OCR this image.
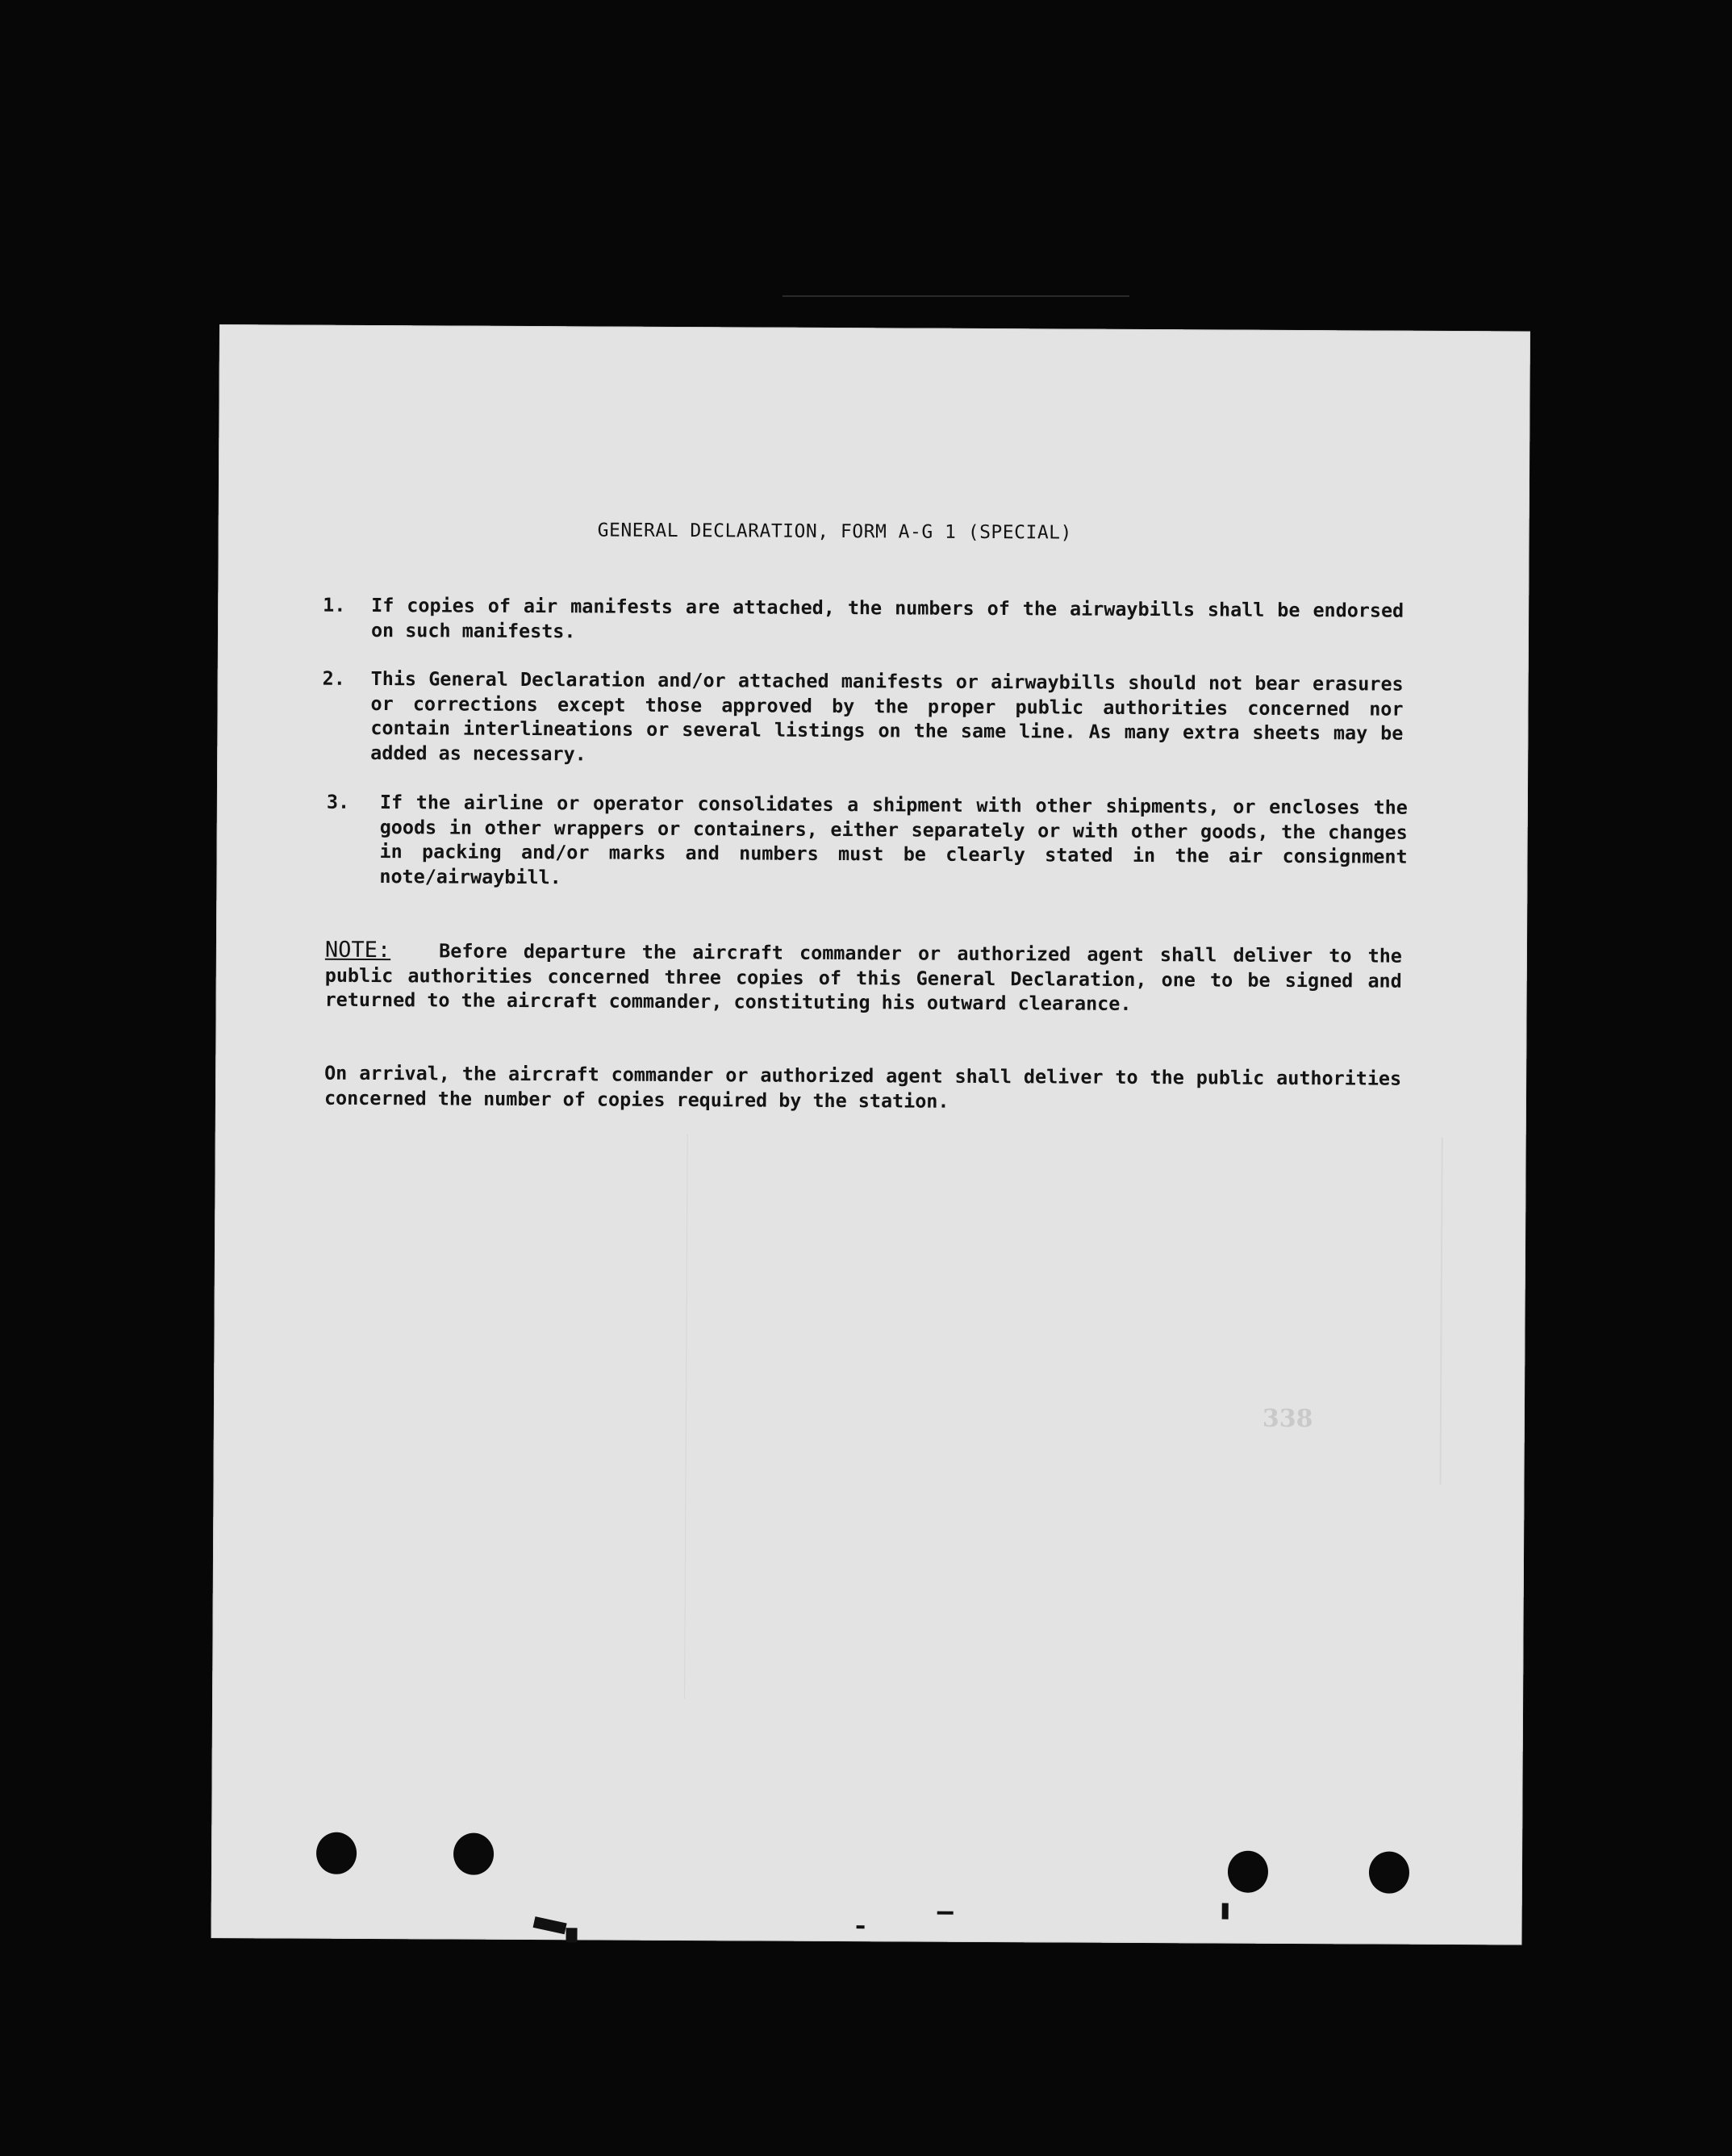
GENERAL DECLARATION, FORM A-G 1 (SPECIAL)
1.	If copies of air manifests are attached, the numbers of the airwaybills shall be endorsed on such manifests.
2.	This General Declaration and/or attached manifests or airwaybills should not bear erasures or corrections except those approved by the proper public authorities concerned nor contain interlineations or several listings on the same line. As many extra sheets may be added as necessary.
3.	If the airline or operator consolidates a shipment with other shipments, or encloses the goods in other wrappers or containers, either separately or with other goods, the changes in packing and/or marks and numbers must be clearly stated in the air consignment note/airwaybill.
NOTE:	Before departure the aircraft commander or authorized agent shall deliver to the public authorities concerned three copies of this General Declaration, one to be signed and returned to the aircraft commander, constituting his outward clearance.
On arrival, the aircraft commander or authorized agent shall deliver to the public authorities concerned the number of copies required by the station.
338
